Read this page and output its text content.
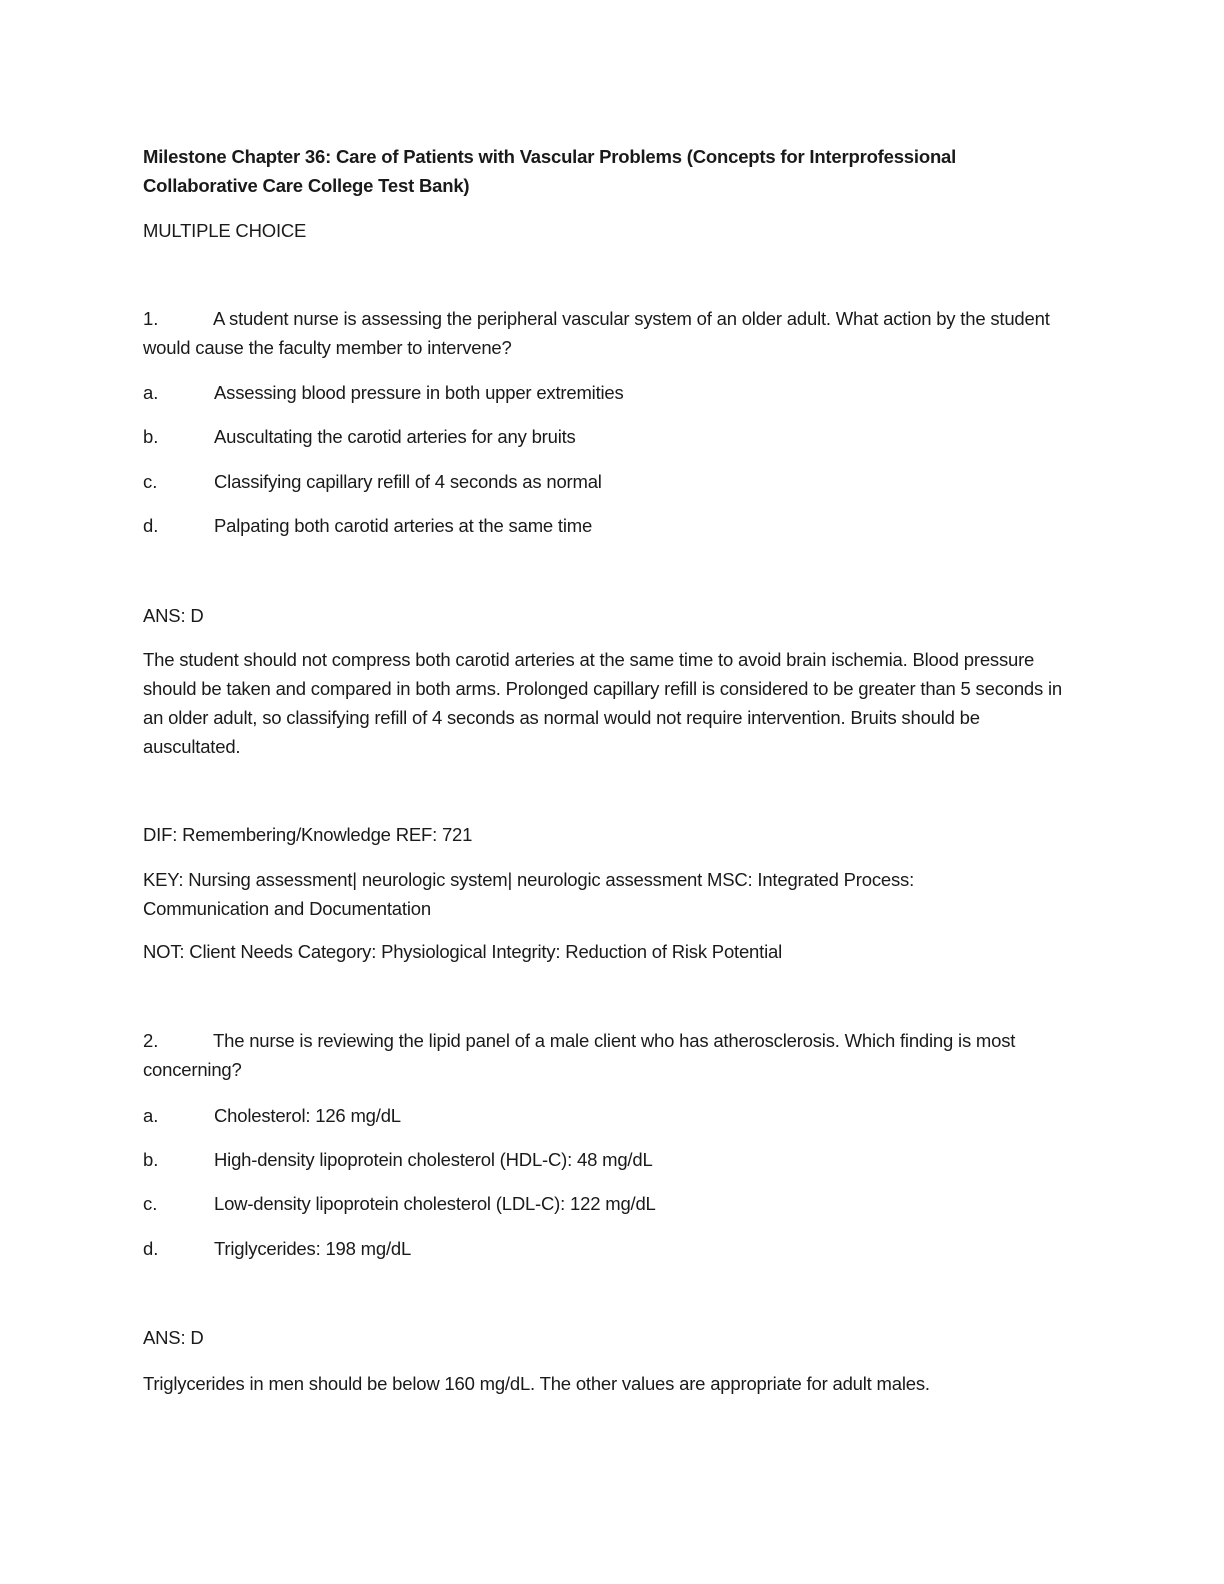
Milestone Chapter 36: Care of Patients with Vascular Problems (Concepts for Interprofessional Collaborative Care College Test Bank)
MULTIPLE CHOICE
1.	A student nurse is assessing the peripheral vascular system of an older adult. What action by the student would cause the faculty member to intervene?
a.	Assessing blood pressure in both upper extremities
b.	Auscultating the carotid arteries for any bruits
c.	Classifying capillary refill of 4 seconds as normal
d.	Palpating both carotid arteries at the same time
ANS: D
The student should not compress both carotid arteries at the same time to avoid brain ischemia. Blood pressure should be taken and compared in both arms. Prolonged capillary refill is considered to be greater than 5 seconds in an older adult, so classifying refill of 4 seconds as normal would not require intervention. Bruits should be auscultated.
DIF: Remembering/Knowledge REF: 721
KEY: Nursing assessment| neurologic system| neurologic assessment MSC: Integrated Process: Communication and Documentation
NOT: Client Needs Category: Physiological Integrity: Reduction of Risk Potential
2.	The nurse is reviewing the lipid panel of a male client who has atherosclerosis. Which finding is most concerning?
a.	Cholesterol: 126 mg/dL
b.	High-density lipoprotein cholesterol (HDL-C): 48 mg/dL
c.	Low-density lipoprotein cholesterol (LDL-C): 122 mg/dL
d.	Triglycerides: 198 mg/dL
ANS: D
Triglycerides in men should be below 160 mg/dL. The other values are appropriate for adult males.
